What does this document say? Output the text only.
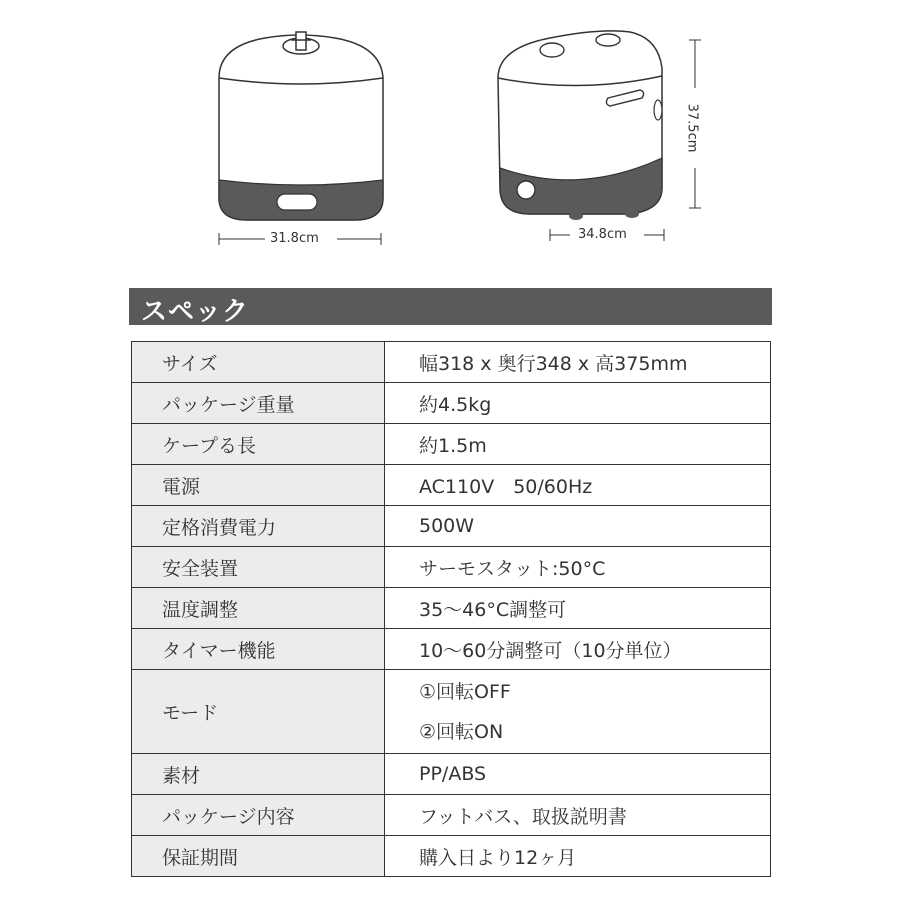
31.8cm	34.8cm
37.5cm
スペック
サイズ	幅318 x 奥行348 x 高375mm
パッケージ重量	約4.5kg
ケープる長	約1.5m
電源	AC110V　50/60Hz
定格消費電力	500W
安全装置	サーモスタット:50°C
温度調整	35〜46°C調整可
タイマー機能	10〜60分調整可（10分単位）
モード	①回転OFF
②回転ON

素材	PP/ABS
パッケージ内容	フットバス、取扱説明書
保証期間	購入日より12ヶ月
